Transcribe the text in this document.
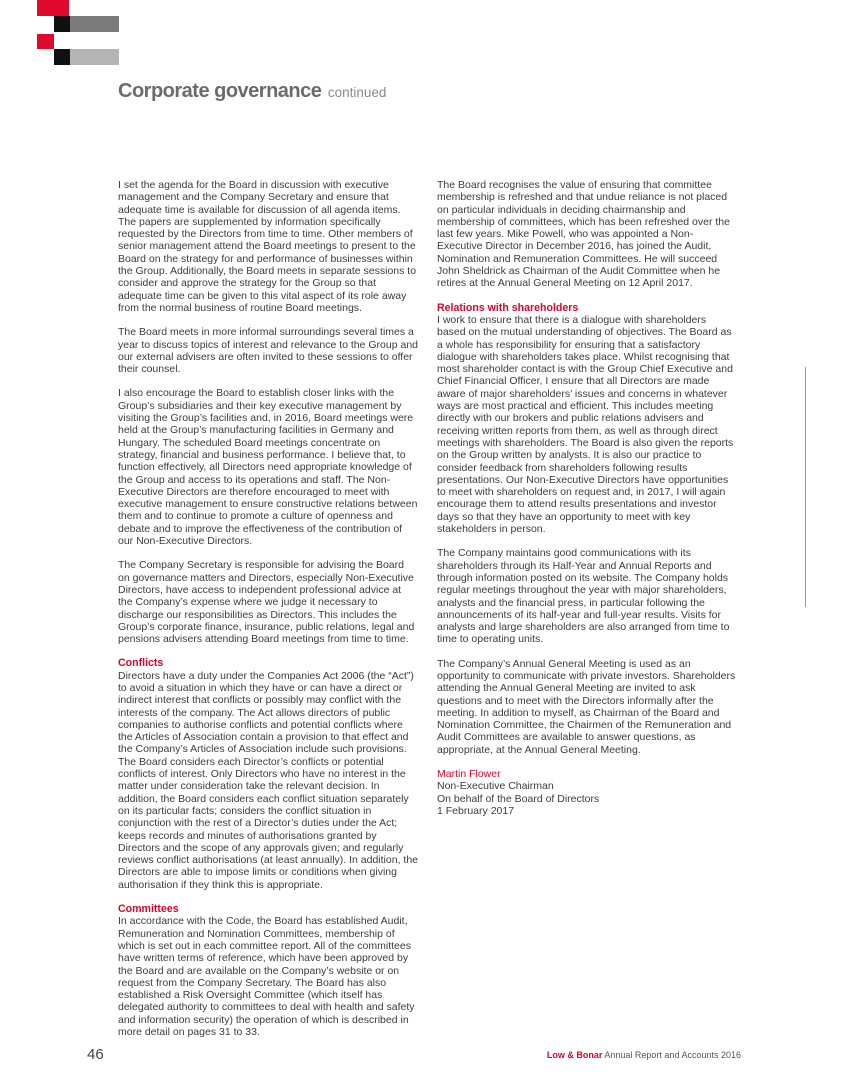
Corporate governance continued

I set the agenda for the Board in discussion with executive management and the Company Secretary and ensure that adequate time is available for discussion of all agenda items. The papers are supplemented by information specifically requested by the Directors from time to time. Other members of senior management attend the Board meetings to present to the Board on the strategy for and performance of businesses within the Group. Additionally, the Board meets in separate sessions to consider and approve the strategy for the Group so that adequate time can be given to this vital aspect of its role away from the normal business of routine Board meetings.

The Board meets in more informal surroundings several times a year to discuss topics of interest and relevance to the Group and our external advisers are often invited to these sessions to offer their counsel.

I also encourage the Board to establish closer links with the Group’s subsidiaries and their key executive management by visiting the Group’s facilities and, in 2016, Board meetings were held at the Group’s manufacturing facilities in Germany and Hungary. The scheduled Board meetings concentrate on strategy, financial and business performance. I believe that, to function effectively, all Directors need appropriate knowledge of the Group and access to its operations and staff. The Non-Executive Directors are therefore encouraged to meet with executive management to ensure constructive relations between them and to continue to promote a culture of openness and debate and to improve the effectiveness of the contribution of our Non-Executive Directors.

The Company Secretary is responsible for advising the Board on governance matters and Directors, especially Non-Executive Directors, have access to independent professional advice at the Company’s expense where we judge it necessary to discharge our responsibilities as Directors. This includes the Group’s corporate finance, insurance, public relations, legal and pensions advisers attending Board meetings from time to time.

Conflicts

Directors have a duty under the Companies Act 2006 (the “Act”) to avoid a situation in which they have or can have a direct or indirect interest that conflicts or possibly may conflict with the interests of the company. The Act allows directors of public companies to authorise conflicts and potential conflicts where the Articles of Association contain a provision to that effect and the Company’s Articles of Association include such provisions. The Board considers each Director’s conflicts or potential conflicts of interest. Only Directors who have no interest in the matter under consideration take the relevant decision. In addition, the Board considers each conflict situation separately on its particular facts; considers the conflict situation in conjunction with the rest of a Director’s duties under the Act; keeps records and minutes of authorisations granted by Directors and the scope of any approvals given; and regularly reviews conflict authorisations (at least annually). In addition, the Directors are able to impose limits or conditions when giving authorisation if they think this is appropriate.

Committees

In accordance with the Code, the Board has established Audit, Remuneration and Nomination Committees, membership of which is set out in each committee report. All of the committees have written terms of reference, which have been approved by the Board and are available on the Company’s website or on request from the Company Secretary. The Board has also established a Risk Oversight Committee (which itself has delegated authority to committees to deal with health and safety and information security) the operation of which is described in more detail on pages 31 to 33.

The Board recognises the value of ensuring that committee membership is refreshed and that undue reliance is not placed on particular individuals in deciding chairmanship and membership of committees, which has been refreshed over the last few years. Mike Powell, who was appointed a Non-Executive Director in December 2016, has joined the Audit, Nomination and Remuneration Committees. He will succeed John Sheldrick as Chairman of the Audit Committee when he retires at the Annual General Meeting on 12 April 2017.

Relations with shareholders

I work to ensure that there is a dialogue with shareholders based on the mutual understanding of objectives. The Board as a whole has responsibility for ensuring that a satisfactory dialogue with shareholders takes place. Whilst recognising that most shareholder contact is with the Group Chief Executive and Chief Financial Officer, I ensure that all Directors are made aware of major shareholders’ issues and concerns in whatever ways are most practical and efficient. This includes meeting directly with our brokers and public relations advisers and receiving written reports from them, as well as through direct meetings with shareholders. The Board is also given the reports on the Group written by analysts. It is also our practice to consider feedback from shareholders following results presentations. Our Non-Executive Directors have opportunities to meet with shareholders on request and, in 2017, I will again encourage them to attend results presentations and investor days so that they have an opportunity to meet with key stakeholders in person.

The Company maintains good communications with its shareholders through its Half-Year and Annual Reports and through information posted on its website. The Company holds regular meetings throughout the year with major shareholders, analysts and the financial press, in particular following the announcements of its half-year and full-year results. Visits for analysts and large shareholders are also arranged from time to time to operating units.

The Company’s Annual General Meeting is used as an opportunity to communicate with private investors. Shareholders attending the Annual General Meeting are invited to ask questions and to meet with the Directors informally after the meeting. In addition to myself, as Chairman of the Board and Nomination Committee, the Chairmen of the Remuneration and Audit Committees are available to answer questions, as appropriate, at the Annual General Meeting.

Martin Flower
Non-Executive Chairman
On behalf of the Board of Directors
1 February 2017
46	Low & Bonar Annual Report and Accounts 2016
